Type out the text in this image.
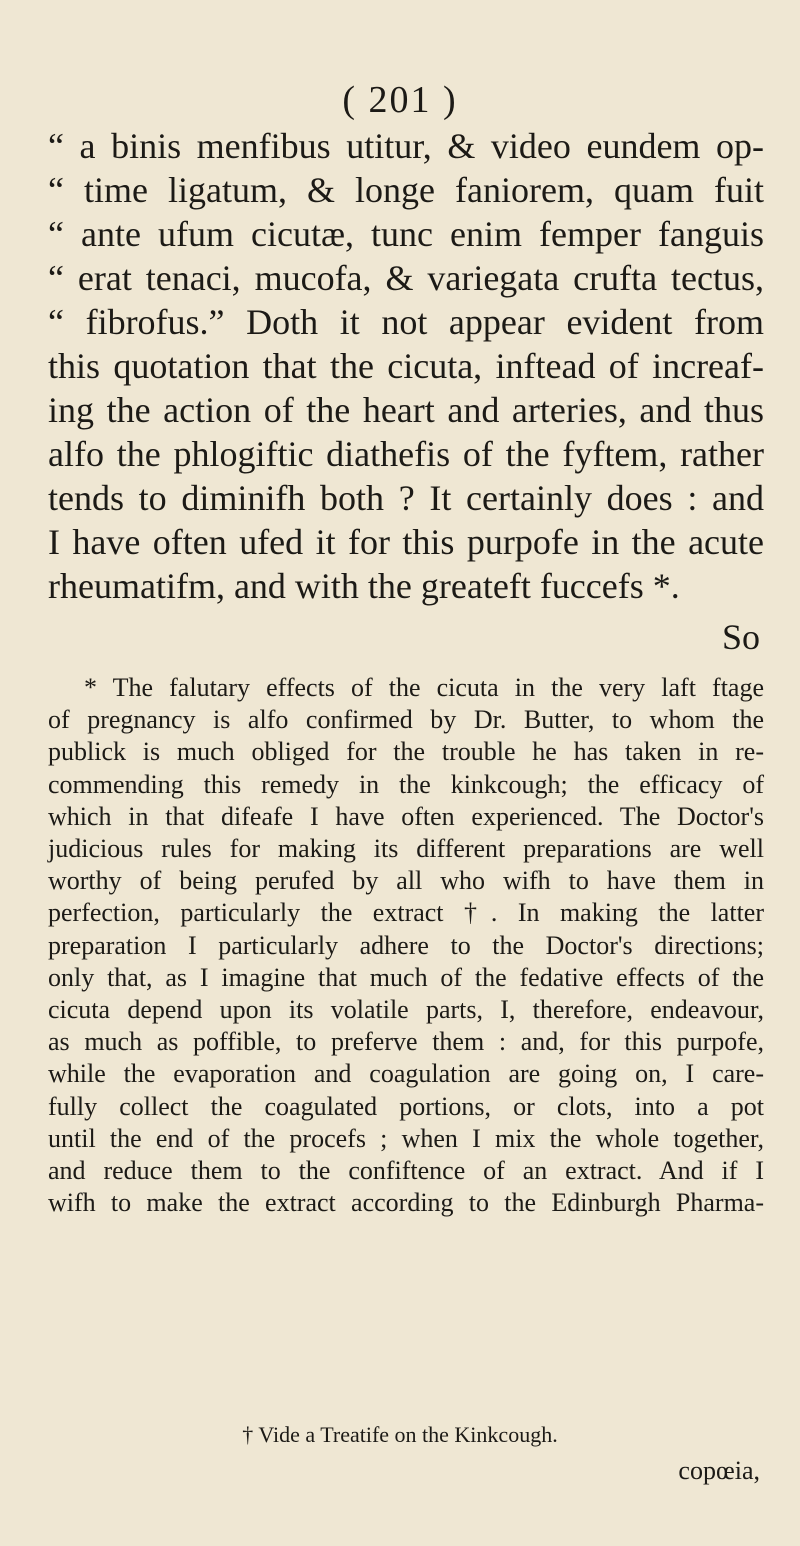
( 201 )
“ a binis menfibus utitur, & video eundem op-
“ time ligatum, & longe faniorem, quam fuit
“ ante ufum cicutæ, tunc enim femper fanguis
“ erat tenaci, mucofa, & variegata crufta tectus,
“ fibrofus.” Doth it not appear evident from
this quotation that the cicuta, inftead of increaf-
ing the action of the heart and arteries, and thus
alfo the phlogiftic diathefis of the fyftem, rather
tends to diminifh both ? It certainly does : and
I have often ufed it for this purpofe in the acute
rheumatifm, and with the greateft fuccefs *.
So
* The falutary effects of the cicuta in the very laft ftage
of pregnancy is alfo confirmed by Dr. Butter, to whom the
publick is much obliged for the trouble he has taken in re-
commending this remedy in the kinkcough; the efficacy of
which in that difeafe I have often experienced. The Doctor's
judicious rules for making its different preparations are well
worthy of being perufed by all who wifh to have them in
perfection, particularly the extract †. In making the latter
preparation I particularly adhere to the Doctor's directions;
only that, as I imagine that much of the fedative effects of the
cicuta depend upon its volatile parts, I, therefore, endeavour,
as much as poffible, to preferve them : and, for this purpofe,
while the evaporation and coagulation are going on, I care-
fully collect the coagulated portions, or clots, into a pot
until the end of the procefs ; when I mix the whole together,
and reduce them to the confiftence of an extract. And if I
wifh to make the extract according to the Edinburgh Pharma-
† Vide a Treatife on the Kinkcough.
copœia,
